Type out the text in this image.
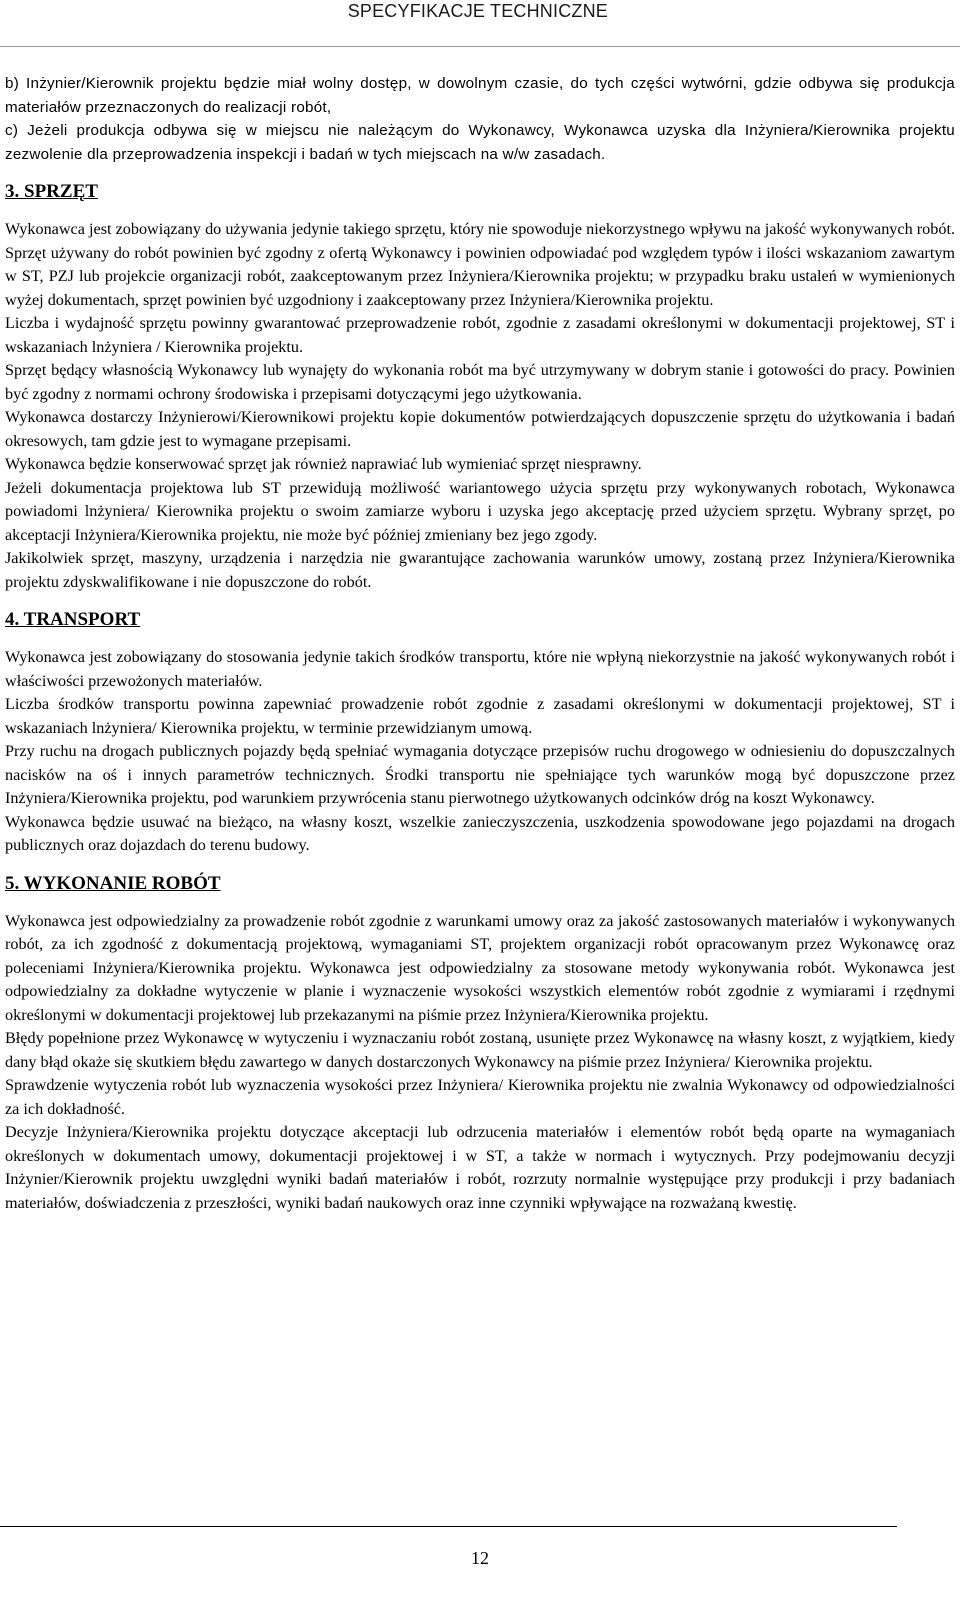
SPECYFIKACJE TECHNICZNE

b) Inżynier/Kierownik projektu będzie miał wolny dostęp, w dowolnym czasie, do tych części wytwórni, gdzie odbywa się produkcja materiałów przeznaczonych do realizacji robót,

c) Jeżeli produkcja odbywa się w miejscu nie należącym do Wykonawcy, Wykonawca uzyska dla Inżyniera/Kierownika projektu zezwolenie dla przeprowadzenia inspekcji i badań w tych miejscach na w/w zasadach.

3. SPRZĘT

Wykonawca jest zobowiązany do używania jedynie takiego sprzętu, który nie spowoduje niekorzystnego wpływu na jakość wykonywanych robót. Sprzęt używany do robót powinien być zgodny z ofertą Wykonawcy i powinien odpowiadać pod względem typów i ilości wskazaniom zawartym w ST, PZJ lub projekcie organizacji robót, zaakceptowanym przez Inżyniera/Kierownika projektu; w przypadku braku ustaleń w wymienionych wyżej dokumentach, sprzęt powinien być uzgodniony i zaakceptowany przez Inżyniera/Kierownika projektu.

Liczba i wydajność sprzętu powinny gwarantować przeprowadzenie robót, zgodnie z zasadami określonymi w dokumentacji projektowej, ST i wskazaniach lnżyniera / Kierownika projektu.

Sprzęt będący własnością Wykonawcy lub wynajęty do wykonania robót ma być utrzymywany w dobrym stanie i gotowości do pracy. Powinien być zgodny z normami ochrony środowiska i przepisami dotyczącymi jego użytkowania.

Wykonawca dostarczy Inżynierowi/Kierownikowi projektu kopie dokumentów potwierdzających dopuszczenie sprzętu do użytkowania i badań okresowych, tam gdzie jest to wymagane przepisami.

Wykonawca będzie konserwować sprzęt jak również naprawiać lub wymieniać sprzęt niesprawny.

Jeżeli dokumentacja projektowa lub ST przewidują możliwość wariantowego użycia sprzętu przy wykonywanych robotach, Wykonawca powiadomi lnżyniera/ Kierownika projektu o swoim zamiarze wyboru i uzyska jego akceptację przed użyciem sprzętu. Wybrany sprzęt, po akceptacji Inżyniera/Kierownika projektu, nie może być później zmieniany bez jego zgody.

Jakikolwiek sprzęt, maszyny, urządzenia i narzędzia nie gwarantujące zachowania warunków umowy, zostaną przez Inżyniera/Kierownika projektu zdyskwalifikowane i nie dopuszczone do robót.

4. TRANSPORT

Wykonawca jest zobowiązany do stosowania jedynie takich środków transportu, które nie wpłyną niekorzystnie na jakość wykonywanych robót i właściwości przewożonych materiałów.

Liczba środków transportu powinna zapewniać prowadzenie robót zgodnie z zasadami określonymi w dokumentacji projektowej, ST i wskazaniach lnżyniera/ Kierownika projektu, w terminie przewidzianym umową.

Przy ruchu na drogach publicznych pojazdy będą spełniać wymagania dotyczące przepisów ruchu drogowego w odniesieniu do dopuszczalnych nacisków na oś i innych parametrów technicznych. Środki transportu nie spełniające tych warunków mogą być dopuszczone przez Inżyniera/Kierownika projektu, pod warunkiem przywrócenia stanu pierwotnego użytkowanych odcinków dróg na koszt Wykonawcy.

Wykonawca będzie usuwać na bieżąco, na własny koszt, wszelkie zanieczyszczenia, uszkodzenia spowodowane jego pojazdami na drogach publicznych oraz dojazdach do terenu budowy.

5. WYKONANIE ROBÓT

Wykonawca jest odpowiedzialny za prowadzenie robót zgodnie z warunkami umowy oraz za jakość zastosowanych materiałów i wykonywanych robót, za ich zgodność z dokumentacją projektową, wymaganiami ST, projektem organizacji robót opracowanym przez Wykonawcę oraz poleceniami Inżyniera/Kierownika projektu. Wykonawca jest odpowiedzialny za stosowane metody wykonywania robót. Wykonawca jest odpowiedzialny za dokładne wytyczenie w planie i wyznaczenie wysokości wszystkich elementów robót zgodnie z wymiarami i rzędnymi określonymi w dokumentacji projektowej lub przekazanymi na piśmie przez Inżyniera/Kierownika projektu.

Błędy popełnione przez Wykonawcę w wytyczeniu i wyznaczaniu robót zostaną, usunięte przez Wykonawcę na własny koszt, z wyjątkiem, kiedy dany błąd okaże się skutkiem błędu zawartego w danych dostarczonych Wykonawcy na piśmie przez Inżyniera/ Kierownika projektu.

Sprawdzenie wytyczenia robót lub wyznaczenia wysokości przez Inżyniera/ Kierownika projektu nie zwalnia Wykonawcy od odpowiedzialności za ich dokładność.

Decyzje Inżyniera/Kierownika projektu dotyczące akceptacji lub odrzucenia materiałów i elementów robót będą oparte na wymaganiach określonych w dokumentach umowy, dokumentacji projektowej i w ST, a także w normach i wytycznych. Przy podejmowaniu decyzji Inżynier/Kierownik projektu uwzględni wyniki badań materiałów i robót, rozrzuty normalnie występujące przy produkcji i przy badaniach materiałów, doświadczenia z przeszłości, wyniki badań naukowych oraz inne czynniki wpływające na rozważaną kwestię.

12
